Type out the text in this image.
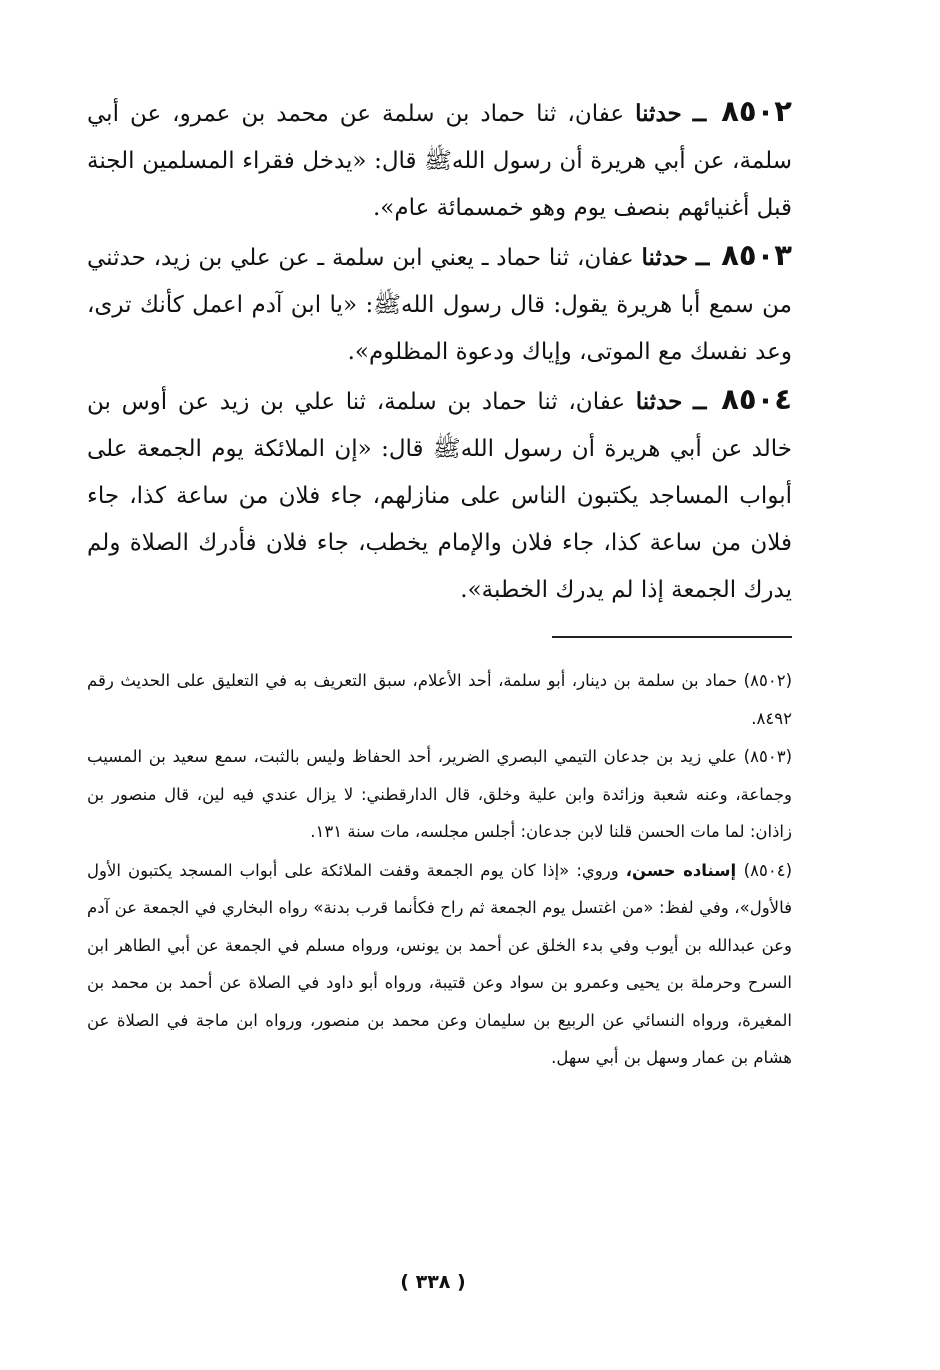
٨٥٠٢ ــ حدثنا عفان، ثنا حماد بن سلمة عن محمد بن عمرو، عن أبي سلمة، عن أبي هريرة أن رسول اللهﷺ قال: «يدخل فقراء المسلمين الجنة قبل أغنيائهم بنصف يوم وهو خمسمائة عام».

٨٥٠٣ ــ حدثنا عفان، ثنا حماد ـ يعني ابن سلمة ـ عن علي بن زيد، حدثني من سمع أبا هريرة يقول: قال رسول اللهﷺ: «يا ابن آدم اعمل كأنك ترى، وعد نفسك مع الموتى، وإياك ودعوة المظلوم».

٨٥٠٤ ــ حدثنا عفان، ثنا حماد بن سلمة، ثنا علي بن زيد عن أوس بن خالد عن أبي هريرة أن رسول اللهﷺ قال: «إن الملائكة يوم الجمعة على أبواب المساجد يكتبون الناس على منازلهم، جاء فلان من ساعة كذا، جاء فلان من ساعة كذا، جاء فلان والإمام يخطب، جاء فلان فأدرك الصلاة ولم يدرك الجمعة إذا لم يدرك الخطبة».

(٨٥٠٢) حماد بن سلمة بن دينار، أبو سلمة، أحد الأعلام، سبق التعريف به في التعليق على الحديث رقم ٨٤٩٢.

(٨٥٠٣) علي زيد بن جدعان التيمي البصري الضرير، أحد الحفاظ وليس بالثبت، سمع سعيد بن المسيب وجماعة، وعنه شعبة وزائدة وابن علية وخلق، قال الدارقطني: لا يزال عندي فيه لين، قال منصور بن زاذان: لما مات الحسن قلنا لابن جدعان: أجلس مجلسه، مات سنة ١٣١.

(٨٥٠٤) إسناده حسن، وروي: «إذا كان يوم الجمعة وقفت الملائكة على أبواب المسجد يكتبون الأول فالأول»، وفي لفظ: «من اغتسل يوم الجمعة ثم راح فكأنما قرب بدنة» رواه البخاري في الجمعة عن آدم وعن عبدالله بن أيوب وفي بدء الخلق عن أحمد بن يونس، ورواه مسلم في الجمعة عن أبي الطاهر ابن السرح وحرملة بن يحيى وعمرو بن سواد وعن قتيبة، ورواه أبو داود في الصلاة عن أحمد بن محمد بن المغيرة، ورواه النسائي عن الربيع بن سليمان وعن محمد بن منصور، ورواه ابن ماجة في الصلاة عن هشام بن عمار وسهل بن أبي سهل.

( ٣٣٨ )
